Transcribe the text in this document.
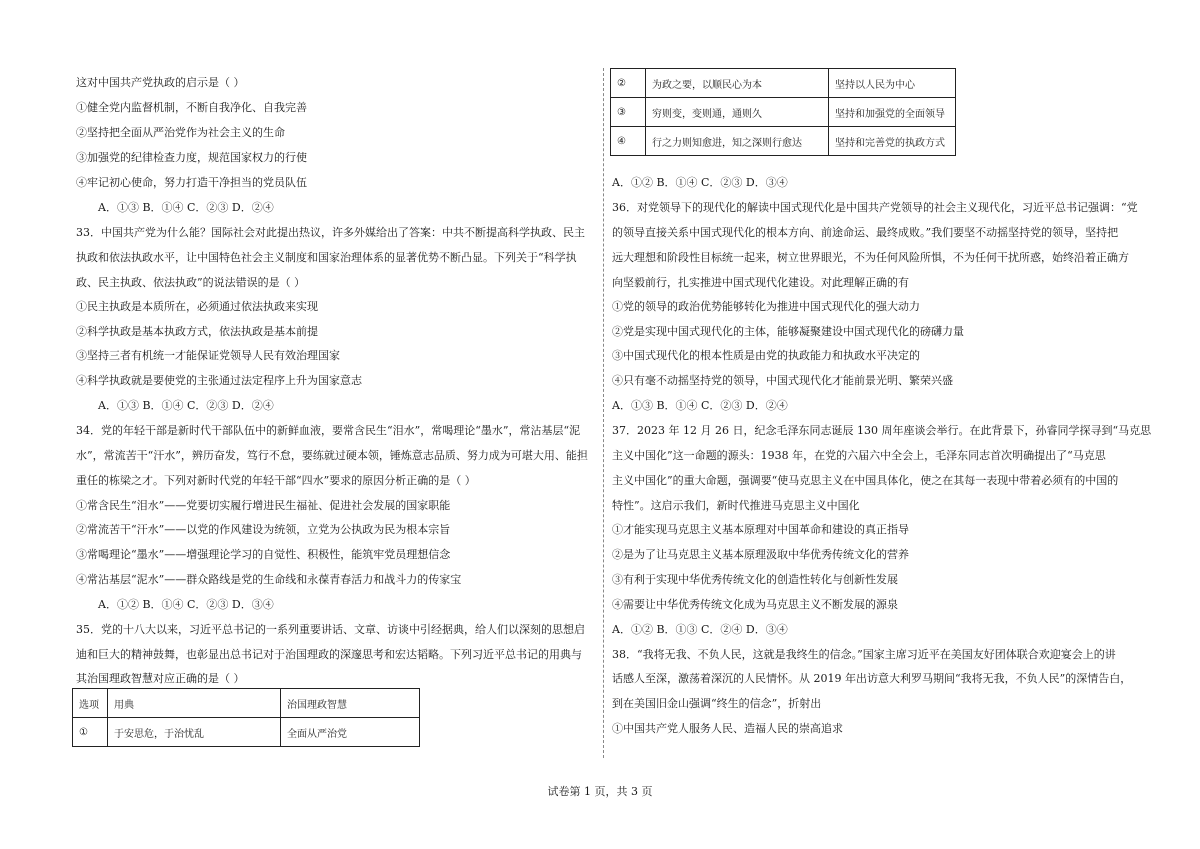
这对中国共产党执政的启示是（ ）
①健全党内监督机制，不断自我净化、自我完善
②坚持把全面从严治党作为社会主义的生命
③加强党的纪律检查力度，规范国家权力的行使
④牢记初心使命，努力打造干净担当的党员队伍
A．①③ B．①④ C．②③ D．②④
33．中国共产党为什么能？国际社会对此提出热议，许多外媒给出了答案：中共不断提高科学执政、民主
执政和依法执政水平，让中国特色社会主义制度和国家治理体系的显著优势不断凸显。下列关于“科学执
政、民主执政、依法执政”的说法错误的是（ ）
①民主执政是本质所在，必须通过依法执政来实现
②科学执政是基本执政方式，依法执政是基本前提
③坚持三者有机统一才能保证党领导人民有效治理国家
④科学执政就是要使党的主张通过法定程序上升为国家意志
A．①③ B．①④ C．②③ D．②④
34．党的年轻干部是新时代干部队伍中的新鲜血液，要常含民生“泪水”，常喝理论“墨水”，常沾基层“泥
水”，常流苦干“汗水”，辨历奋发，笃行不怠，要练就过硬本领，锤炼意志品质、努力成为可堪大用、能担
重任的栋梁之才。下列对新时代党的年轻干部“四水”要求的原因分析正确的是（ ）
①常含民生“泪水”——党要切实履行增进民生福祉、促进社会发展的国家职能
②常流苦干“汗水”——以党的作风建设为统领，立党为公执政为民为根本宗旨
③常喝理论“墨水”——增强理论学习的自觉性、积极性，能筑牢党员理想信念
④常沾基层“泥水”——群众路线是党的生命线和永葆青春活力和战斗力的传家宝
A．①② B．①④ C．②③ D．③④
35．党的十八大以来，习近平总书记的一系列重要讲话、文章、访谈中引经据典，给人们以深刻的思想启
迪和巨大的精神鼓舞，也彰显出总书记对于治国理政的深邃思考和宏达韬略。下列习近平总书记的用典与
其治国理政智慧对应正确的是（ ）
选项	用典	治国理政智慧
①	于安思危，于治忧乱	全面从严治党
②	为政之要，以顺民心为本	坚持以人民为中心
③	穷则变，变则通，通则久	坚持和加强党的全面领导
④	行之力则知愈进，知之深则行愈达	坚持和完善党的执政方式
A．①② B．①④ C．②③ D．③④
36．对党领导下的现代化的解读中国式现代化是中国共产党领导的社会主义现代化，习近平总书记强调：“党
的领导直接关系中国式现代化的根本方向、前途命运、最终成败。”我们要坚不动摇坚持党的领导，坚持把
远大理想和阶段性目标统一起来，树立世界眼光，不为任何风险所惧，不为任何干扰所惑，始终沿着正确方
向坚毅前行，扎实推进中国式现代化建设。对此理解正确的有
①党的领导的政治优势能够转化为推进中国式现代化的强大动力
②党是实现中国式现代化的主体，能够凝聚建设中国式现代化的磅礴力量
③中国式现代化的根本性质是由党的执政能力和执政水平决定的
④只有毫不动摇坚持党的领导，中国式现代化才能前景光明、繁荣兴盛
A．①③ B．①④ C．②③ D．②④
37．2023 年 12 月 26 日，纪念毛泽东同志诞辰 130 周年座谈会举行。在此背景下，孙睿同学探寻到“马克思
主义中国化”这一命题的源头：1938 年，在党的六届六中全会上，毛泽东同志首次明确提出了“马克思
主义中国化”的重大命题，强调要“使马克思主义在中国具体化，使之在其每一表现中带着必须有的中国的
特性”。这启示我们，新时代推进马克思主义中国化
①才能实现马克思主义基本原理对中国革命和建设的真正指导
②是为了让马克思主义基本原理汲取中华优秀传统文化的营养
③有利于实现中华优秀传统文化的创造性转化与创新性发展
④需要让中华优秀传统文化成为马克思主义不断发展的源泉
A．①② B．①③ C．②④ D．③④
38．“我将无我、不负人民，这就是我终生的信念。”国家主席习近平在美国友好团体联合欢迎宴会上的讲
话感人至深，激荡着深沉的人民情怀。从 2019 年出访意大利罗马期间“我将无我，不负人民”的深情告白，
到在美国旧金山强调“终生的信念”，折射出
①中国共产党人服务人民、造福人民的崇高追求
试卷第 1 页，共 3 页
